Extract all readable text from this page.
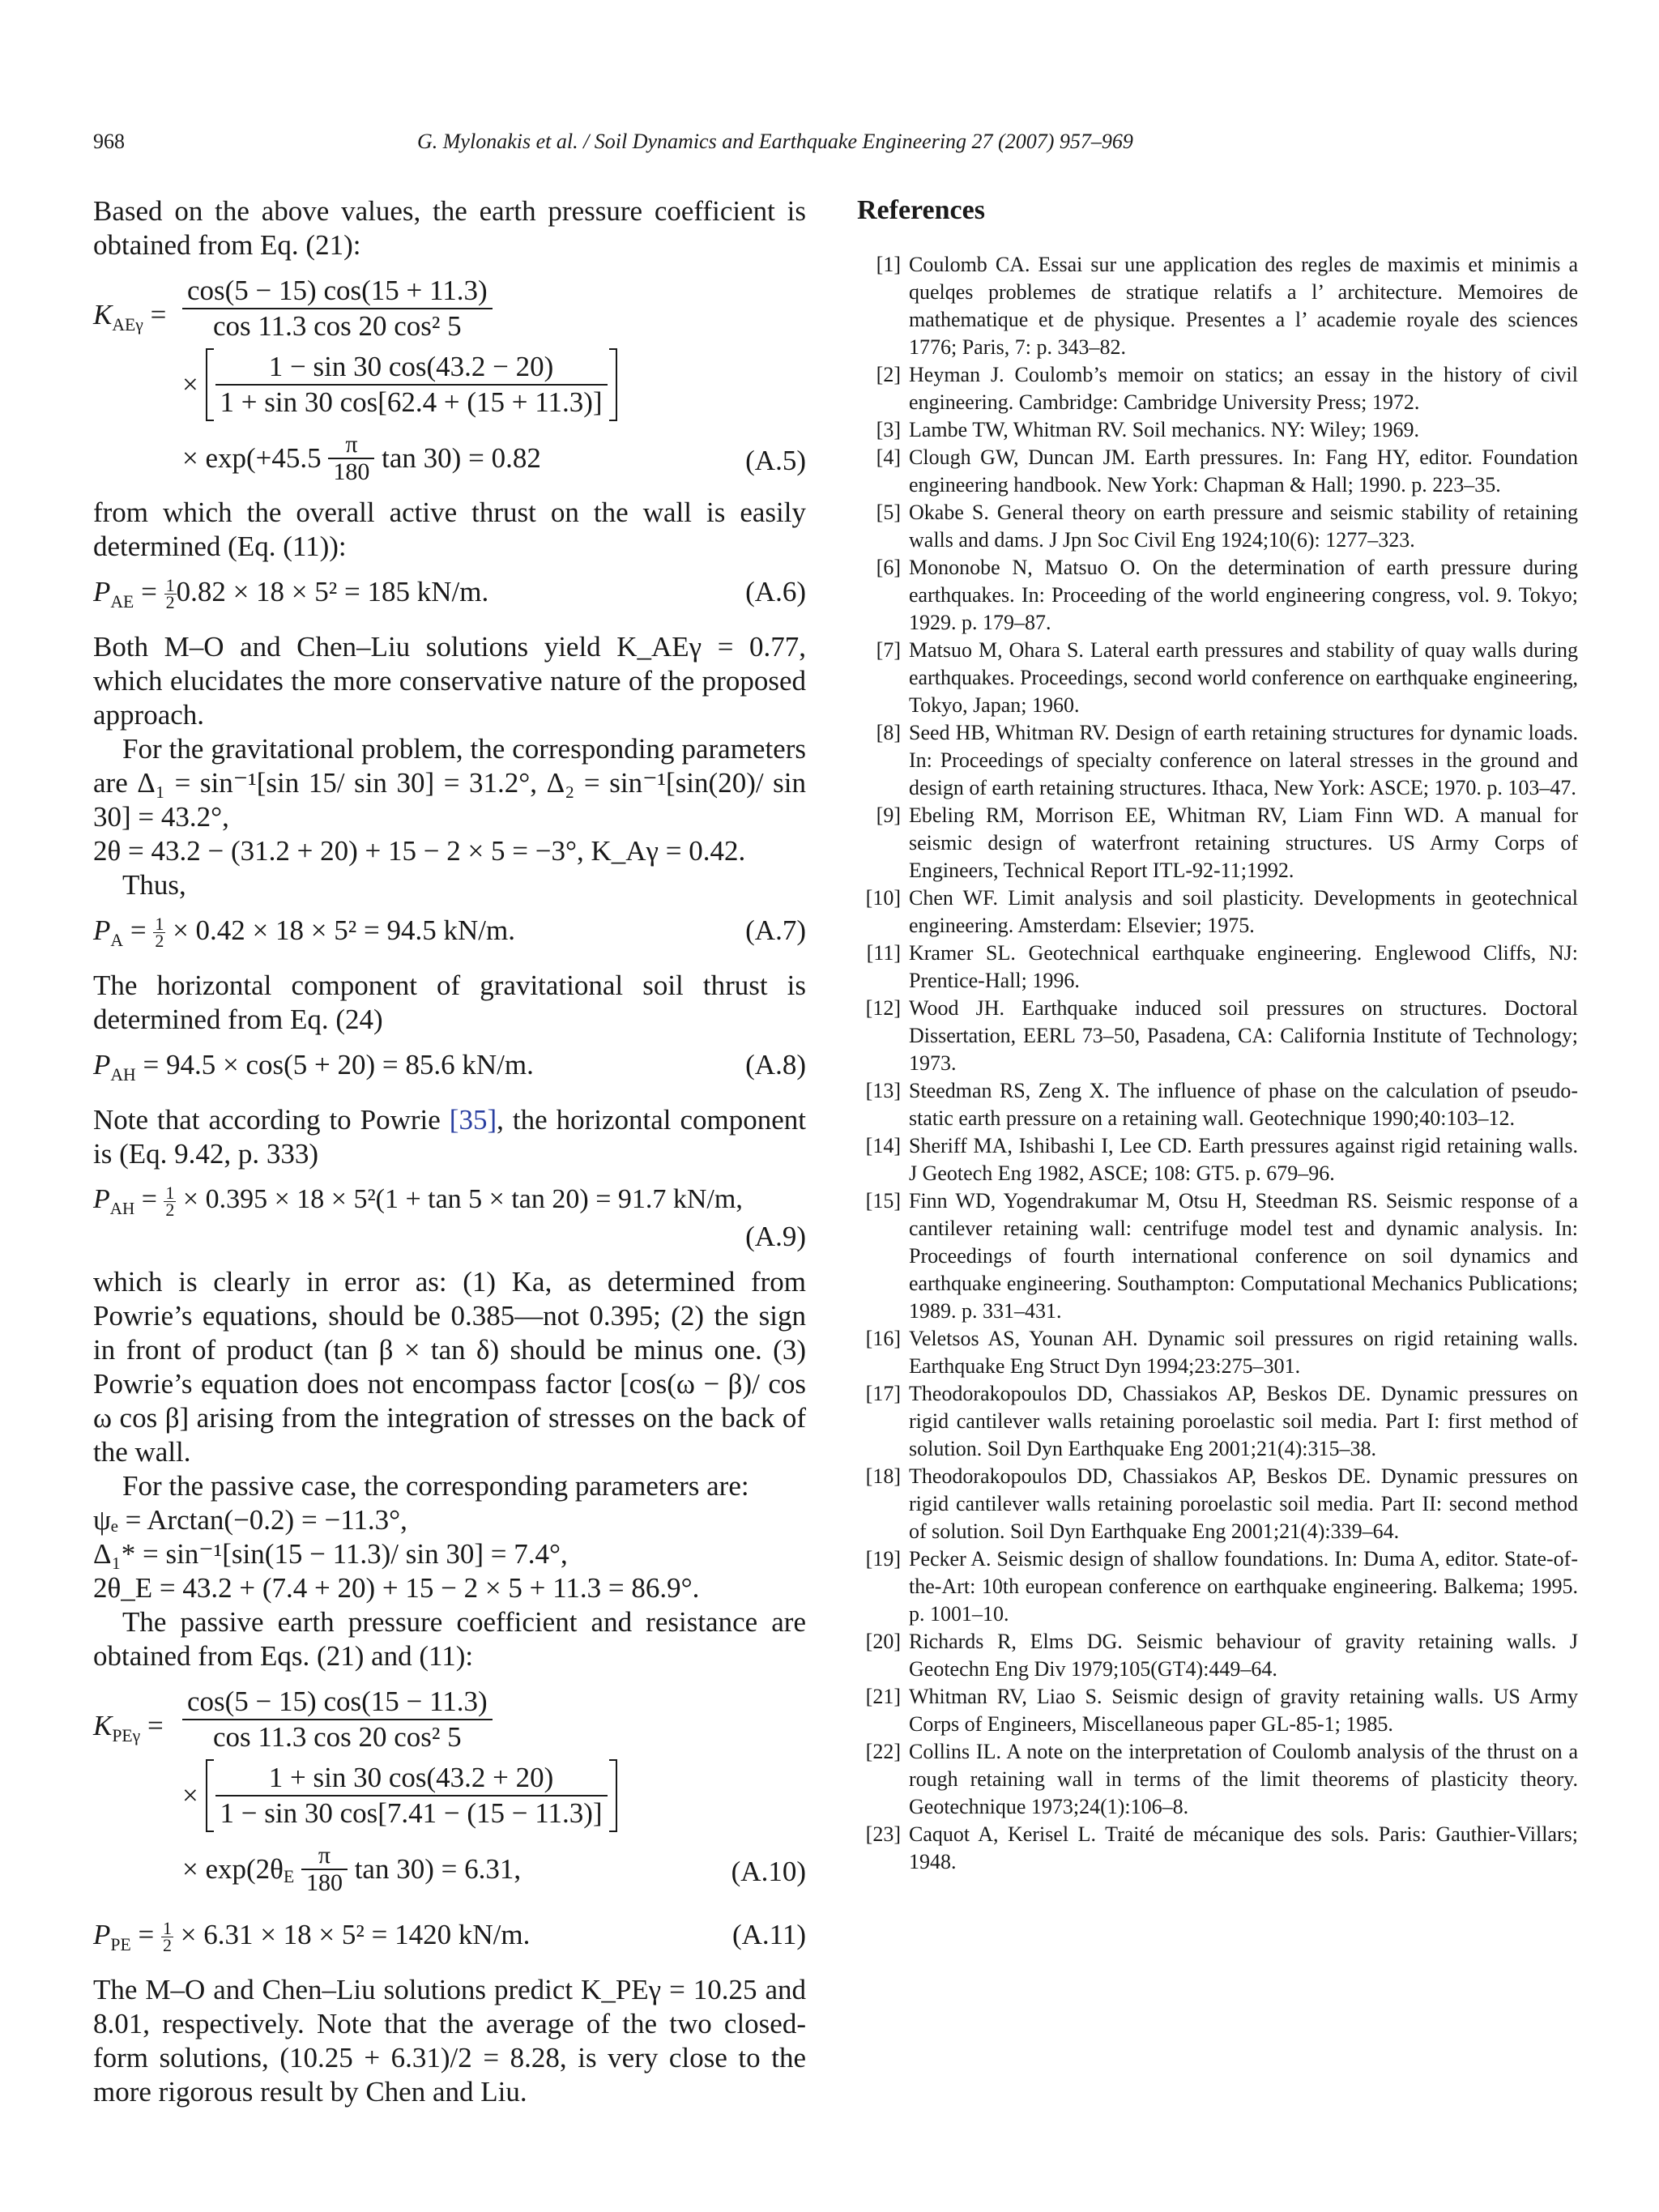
968	G. Mylonakis et al. / Soil Dynamics and Earthquake Engineering 27 (2007) 957–969

Based on the above values, the earth pressure coefficient is obtained from Eq. (21):

$K_{AE\gamma} = \frac{\cos(5 - 15) \cos(15 + 11.3)}{\text{cos 11.3 cos 20 cos² 5}}$
× $\frac{1 - \sin 30 \cos(43.2 - 20)}{1 + \sin 30 \cos[62.4 + (15 + 11.3)]}$
× $\exp(+45.5 \frac{\pi}{180}$ tan 30) = 0.82	(A.5)

from which the overall active thrust on the wall is easily determined (Eq. (11)):

$P_{AE} = \frac{1}{2} 0.82 \times 18 \times 5^2 = 185$ kN/m.	(A.6)

Both M–O and Chen–Liu solutions yield K_AEγ = 0.77, which elucidates the more conservative nature of the proposed approach.

For the gravitational problem, the corresponding parameters are Δ₁ = sin⁻¹[sin 15/ sin 30] = 31.2°, Δ₂ = sin⁻¹[sin(20)/ sin 30] = 43.2°,

2θ = 43.2 − (31.2 + 20) + 15 − 2 × 5 = −3°, K_Aγ = 0.42.

Thus,

$P_A = \frac{1}{2} \times 0.42 \times 18 \times 5^2 = 94.5$ kN/m.	(A.7)

The horizontal component of gravitational soil thrust is determined from Eq. (24)

$P_{AH} = 94.5 \times \cos(5 + 20) = 85.6$ kN/m.	(A.8)

Note that according to Powrie [35], the horizontal component is (Eq. 9.42, p. 333)

$P_{AH} = \frac{1}{2} \times 0.395 \times 18 \times 5^2(1 + \tan 5 \times \tan 20) = 91.7$ kN/m,
(A.9)

which is clearly in error as: (1) Ka, as determined from Powrie’s equations, should be 0.385—not 0.395; (2) the sign in front of product (tan β × tan δ) should be minus one. (3) Powrie’s equation does not encompass factor [cos(ω − β)/ cos ω cos β] arising from the integration of stresses on the back of the wall.

For the passive case, the corresponding parameters are:

ψₑ = Arctan(−0.2) = −11.3°,

Δ₁* = sin⁻¹[sin(15 − 11.3)/ sin 30] = 7.4°,

2θ_E = 43.2 + (7.4 + 20) + 15 − 2 × 5 + 11.3 = 86.9°.

The passive earth pressure coefficient and resistance are obtained from Eqs. (21) and (11):

$K_{PE\gamma} = \frac{\cos(5 - 15) \cos(15 - 11.3)}{\text{cos 11.3 cos 20 cos² 5}}$
× $\frac{1 + \sin 30 \cos(43.2 + 20)}{1 - \sin 30 \cos[7.41 - (15 - 11.3)]}$
× $\exp(2\theta_E \frac{\pi}{180}$ tan 30) = 6.31,	(A.10)
$P_{PE} = \frac{1}{2} \times 6.31 \times 18 \times 5^2 = 1420$ kN/m.	(A.11)

The M–O and Chen–Liu solutions predict K_PEγ = 10.25 and 8.01, respectively. Note that the average of the two closed-form solutions, (10.25 + 6.31)/2 = 8.28, is very close to the more rigorous result by Chen and Liu.

References
[1] Coulomb CA. Essai sur une application des regles de maximis et minimis a quelqes problemes de stratique relatifs a l’ architecture. Memoires de mathematique et de physique. Presentes a l’ academie royale des sciences 1776; Paris, 7: p. 343–82.
[2] Heyman J. Coulomb’s memoir on statics; an essay in the history of civil engineering. Cambridge: Cambridge University Press; 1972.
[3] Lambe TW, Whitman RV. Soil mechanics. NY: Wiley; 1969.
[4] Clough GW, Duncan JM. Earth pressures. In: Fang HY, editor. Foundation engineering handbook. New York: Chapman & Hall; 1990. p. 223–35.
[5] Okabe S. General theory on earth pressure and seismic stability of retaining walls and dams. J Jpn Soc Civil Eng 1924;10(6): 1277–323.
[6] Mononobe N, Matsuo O. On the determination of earth pressure during earthquakes. In: Proceeding of the world engineering congress, vol. 9. Tokyo; 1929. p. 179–87.
[7] Matsuo M, Ohara S. Lateral earth pressures and stability of quay walls during earthquakes. Proceedings, second world conference on earthquake engineering, Tokyo, Japan; 1960.
[8] Seed HB, Whitman RV. Design of earth retaining structures for dynamic loads. In: Proceedings of specialty conference on lateral stresses in the ground and design of earth retaining structures. Ithaca, New York: ASCE; 1970. p. 103–47.
[9] Ebeling RM, Morrison EE, Whitman RV, Liam Finn WD. A manual for seismic design of waterfront retaining structures. US Army Corps of Engineers, Technical Report ITL-92-11;1992.
[10] Chen WF. Limit analysis and soil plasticity. Developments in geotechnical engineering. Amsterdam: Elsevier; 1975.
[11] Kramer SL. Geotechnical earthquake engineering. Englewood Cliffs, NJ: Prentice-Hall; 1996.
[12] Wood JH. Earthquake induced soil pressures on structures. Doctoral Dissertation, EERL 73–50, Pasadena, CA: California Institute of Technology; 1973.
[13] Steedman RS, Zeng X. The influence of phase on the calculation of pseudo-static earth pressure on a retaining wall. Geotechnique 1990;40:103–12.
[14] Sheriff MA, Ishibashi I, Lee CD. Earth pressures against rigid retaining walls. J Geotech Eng 1982, ASCE; 108: GT5. p. 679–96.
[15] Finn WD, Yogendrakumar M, Otsu H, Steedman RS. Seismic response of a cantilever retaining wall: centrifuge model test and dynamic analysis. In: Proceedings of fourth international conference on soil dynamics and earthquake engineering. Southampton: Computational Mechanics Publications; 1989. p. 331–431.
[16] Veletsos AS, Younan AH. Dynamic soil pressures on rigid retaining walls. Earthquake Eng Struct Dyn 1994;23:275–301.
[17] Theodorakopoulos DD, Chassiakos AP, Beskos DE. Dynamic pressures on rigid cantilever walls retaining poroelastic soil media. Part I: first method of solution. Soil Dyn Earthquake Eng 2001;21(4):315–38.
[18] Theodorakopoulos DD, Chassiakos AP, Beskos DE. Dynamic pressures on rigid cantilever walls retaining poroelastic soil media. Part II: second method of solution. Soil Dyn Earthquake Eng 2001;21(4):339–64.
[19] Pecker A. Seismic design of shallow foundations. In: Duma A, editor. State-of-the-Art: 10th european conference on earthquake engineering. Balkema; 1995. p. 1001–10.
[20] Richards R, Elms DG. Seismic behaviour of gravity retaining walls. J Geotechn Eng Div 1979;105(GT4):449–64.
[21] Whitman RV, Liao S. Seismic design of gravity retaining walls. US Army Corps of Engineers, Miscellaneous paper GL-85-1; 1985.
[22] Collins IL. A note on the interpretation of Coulomb analysis of the thrust on a rough retaining wall in terms of the limit theorems of plasticity theory. Geotechnique 1973;24(1):106–8.
[23] Caquot A, Kerisel L. Traité de mécanique des sols. Paris: Gauthier-Villars; 1948.
